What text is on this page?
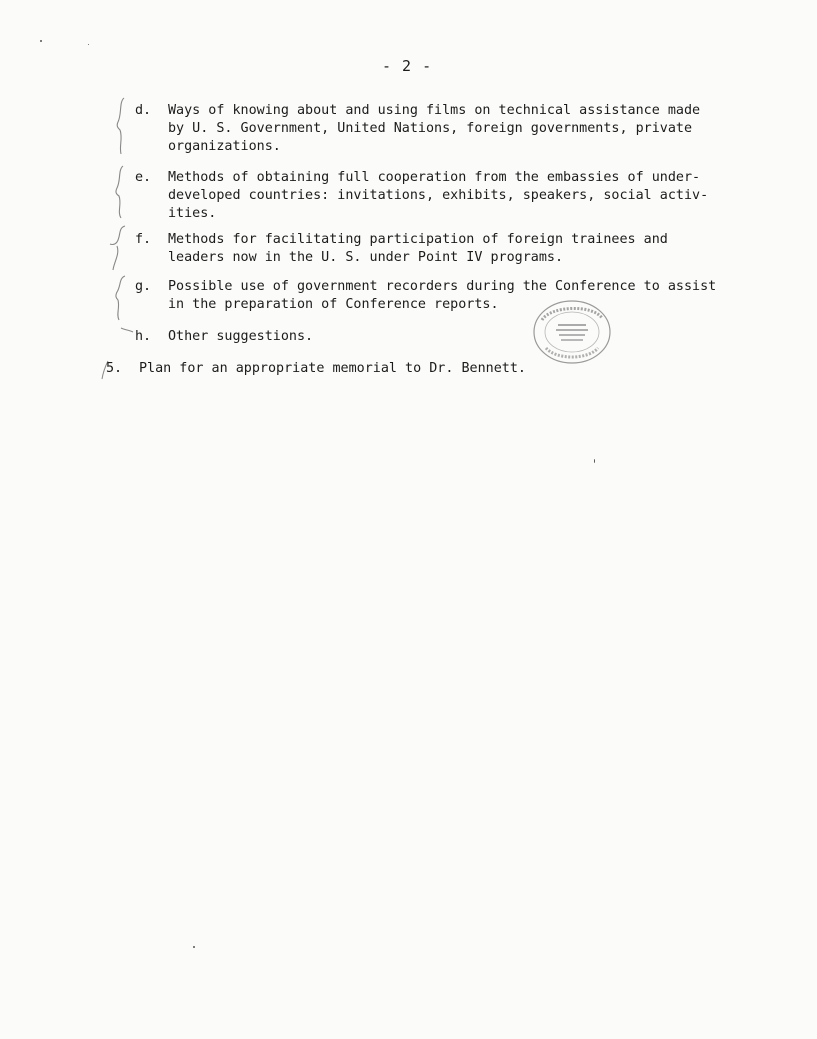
- 2 -
d. Ways of knowing about and using films on technical assistance made
by U. S. Government, United Nations, foreign governments, private
organizations.
e. Methods of obtaining full cooperation from the embassies of under-
developed countries: invitations, exhibits, speakers, social activ-
ities.
f. Methods for facilitating participation of foreign trainees and
leaders now in the U. S. under Point IV programs.
g. Possible use of government recorders during the Conference to assist
in the preparation of Conference reports.
h. Other suggestions.
5. Plan for an appropriate memorial to Dr. Bennett.
